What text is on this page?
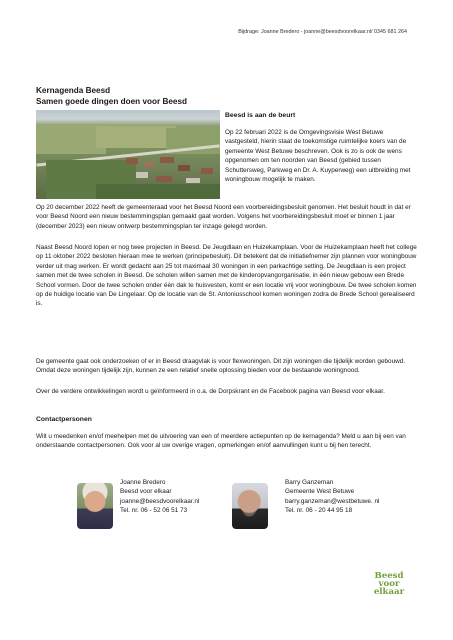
Bijdrage: Joanne Bredero - joanne@beesdvoorelkaar.nl/ 0345 681 264
Kernagenda Beesd
Samen goede dingen doen voor Beesd
Beesd is aan de beurt
Op 22 februari 2022 is de Omgevingsvisie West Betuwe vastgesteld, hierin staat de toekomstige ruimtelijke koers van de gemeente West Betuwe beschreven. Ook is zo is ook de wens opgenomen om ten noorden van Beesd (gebied tussen Schuttersweg, Parkweg en Dr. A. Kuyperweg) een uitbreiding met woningbouw mogelijk te maken.

Op 20 december 2022 heeft de gemeenteraad voor het Beesd Noord een voorbereidingsbesluit genomen. Het besluit houdt in dat er voor Beesd Noord een nieuw bestemmingsplan gemaakt gaat worden. Volgens het voorbereidingsbesluit moet er binnen 1 jaar (december 2023) een nieuw ontwerp bestemmingsplan ter inzage gelegd worden.

Naast Beesd Noord lopen er nog twee projecten in Beesd. De Jeugdlaan en Huizekamplaan. Voor de Huizekamplaan heeft het college op 11 oktober 2022 besloten hieraan mee te werken (principebesluit). Dit betekent dat de initiatiefnemer zijn plannen voor woningbouw verder uit mag werken. Er wordt gedacht aan 25 tot maximaal 30 woningen in een parkachtige setting. De Jeugdlaan is een project samen met de twee scholen in Beesd. De scholen willen samen met de kinderopvangorganisatie, in één nieuw gebouw een Brede School vormen. Door de twee scholen onder één dak te huisvesten, komt er een locatie vrij voor woningbouw. De twee scholen komen op de huidige locatie van De Lingelaar. Op de locatie van de St. Antoniusschool komen woningen zodra de Brede School gerealiseerd is.

De gemeente gaat ook onderzoeken of er in Beesd draagvlak is voor flexwoningen. Dit zijn woningen die tijdelijk worden gebouwd. Omdat deze woningen tijdelijk zijn, kunnen ze een relatief snelle oplossing bieden voor de bestaande woningnood.

Over de verdere ontwikkelingen wordt u geïnformeerd in o.a. de Dorpskrant en de Facebook pagina van Beesd voor elkaar.

Contactpersonen

Wilt u meedenken en/of meehelpen met de uitvoering van een of meerdere actiepunten op de kernagenda? Meld u aan bij een van onderstaande contactpersonen. Ook voor al uw overige vragen, opmerkingen en/of aanvullingen kunt u bij hen terecht.

Joanne Bredero
Beesd voor elkaar
joanne@beesdvoorelkaar.nl
Tel. nr. 06 - 52 06 51 73
Barry Ganzeman
Gemeente West Betuwe
barry.ganzeman@westbetuwe. nl
Tel. nr. 06 - 20 44 95 18
Beesd
voor
elkaar
